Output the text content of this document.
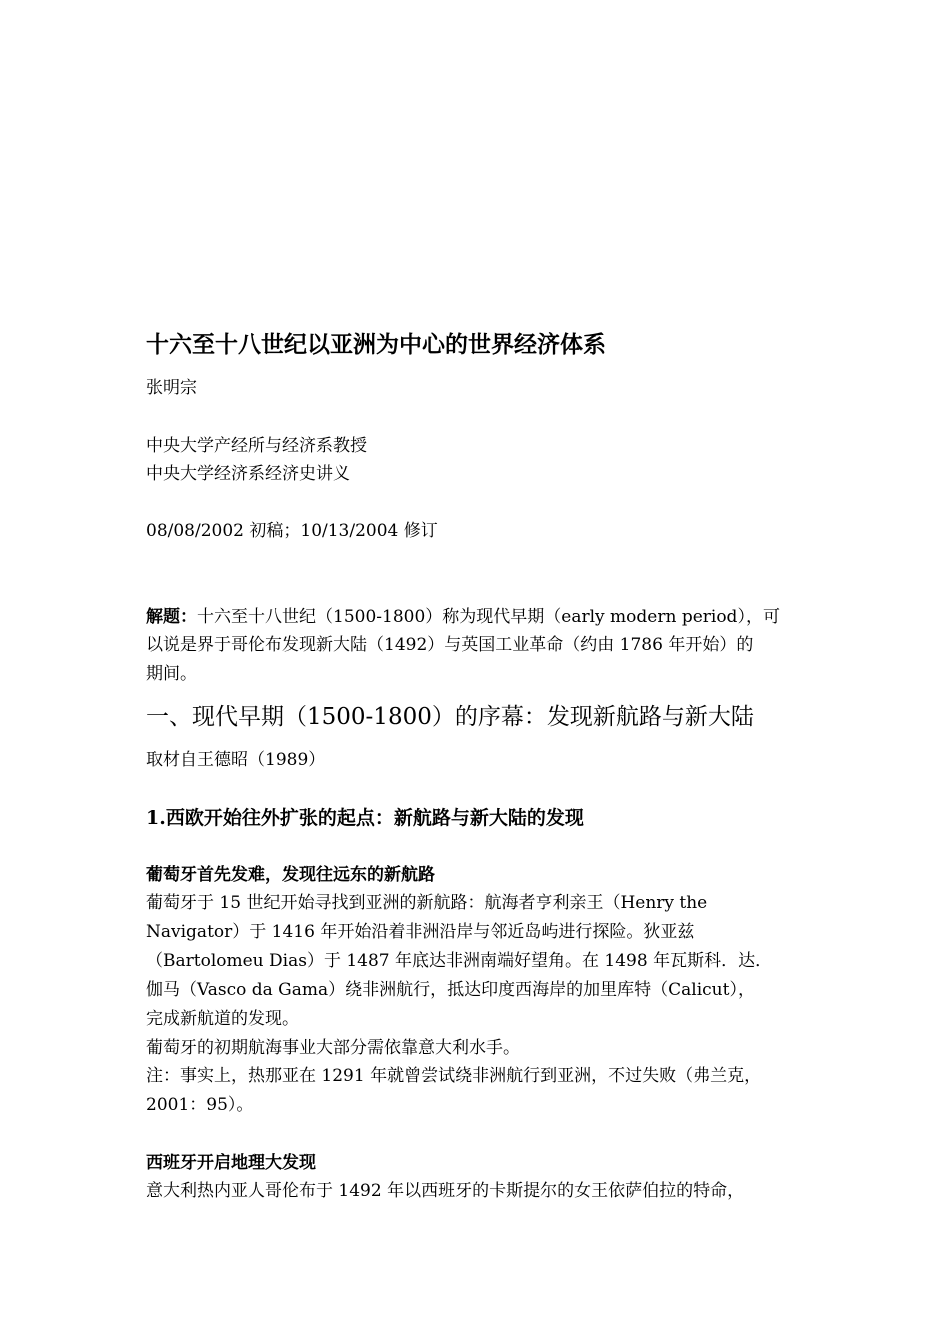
十六至十八世纪以亚洲为中心的世界经济体系
张明宗
中央大学产经所与经济系教授
中央大学经济系经济史讲义
08/08/2002 初稿；10/13/2004 修订
解题：十六至十八世纪（1500-1800）称为现代早期（early modern period），可
以说是界于哥伦布发现新大陆（1492）与英国工业革命（约由 1786 年开始）的
期间。
一、现代早期（1500-1800）的序幕：发现新航路与新大陆
取材自王德昭（1989）
1.西欧开始往外扩张的起点：新航路与新大陆的发现
葡萄牙首先发难，发现往远东的新航路
葡萄牙于 15 世纪开始寻找到亚洲的新航路：航海者亨利亲王（Henry the
Navigator）于 1416 年开始沿着非洲沿岸与邻近岛屿进行探险。狄亚兹
（Bartolomeu Dias）于 1487 年底达非洲南端好望角。在 1498 年瓦斯科．达．
伽马（Vasco da Gama）绕非洲航行，抵达印度西海岸的加里库特（Calicut），
完成新航道的发现。
葡萄牙的初期航海事业大部分需依靠意大利水手。
注：事实上，热那亚在 1291 年就曾尝试绕非洲航行到亚洲，不过失败（弗兰克，
2001：95）。
西班牙开启地理大发现
意大利热内亚人哥伦布于 1492 年以西班牙的卡斯提尔的女王依萨伯拉的特命，
